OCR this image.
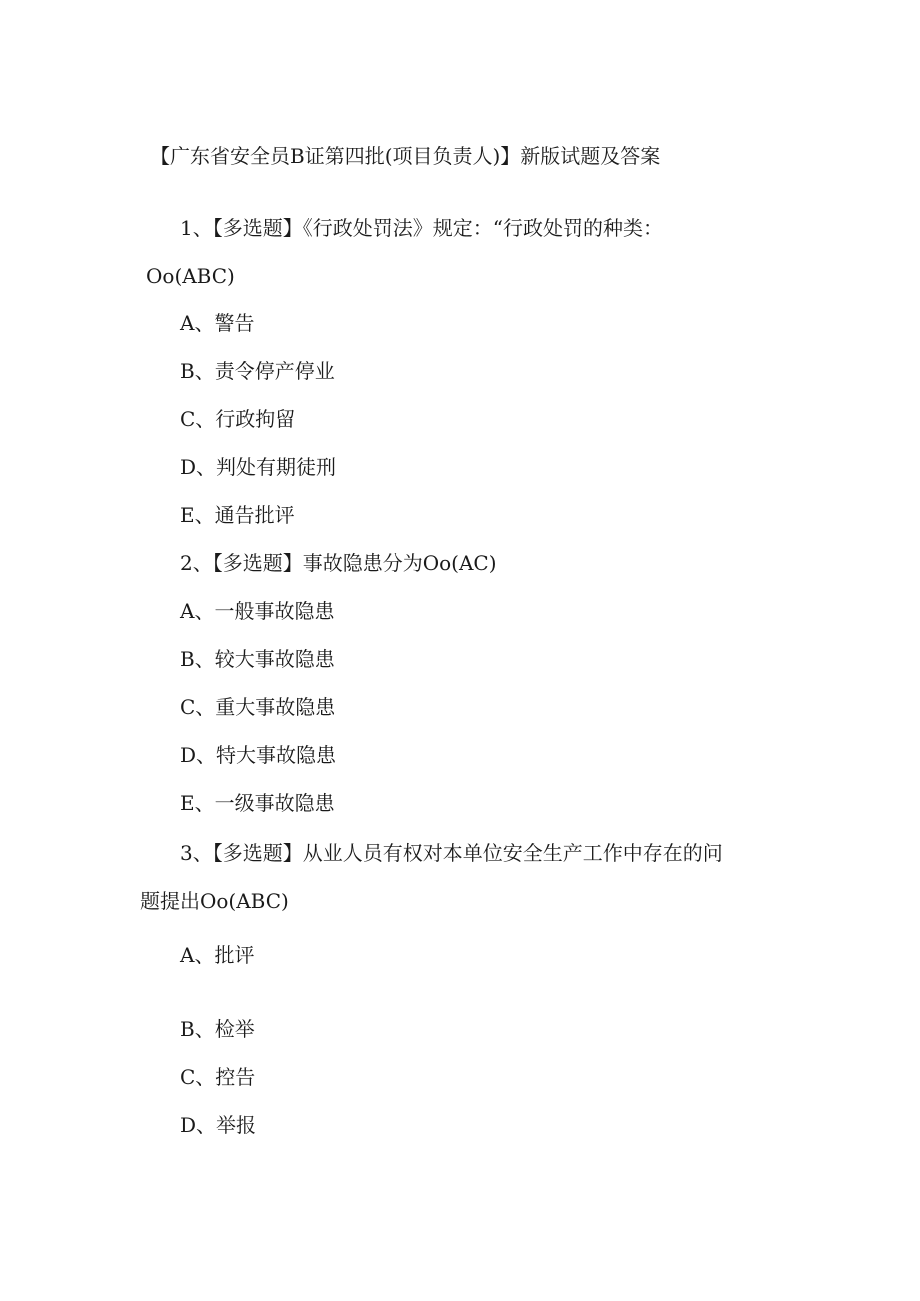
【广东省安全员B证第四批(项目负责人)】新版试题及答案
1、【多选题】《行政处罚法》规定：“行政处罚的种类：
Oo(ABC)
A、警告
B、责令停产停业
C、行政拘留
D、判处有期徒刑
E、通告批评
2、【多选题】事故隐患分为Oo(AC)
A、一般事故隐患
B、较大事故隐患
C、重大事故隐患
D、特大事故隐患
E、一级事故隐患
3、【多选题】从业人员有权对本单位安全生产工作中存在的问
题提出Oo(ABC)
A、批评
B、检举
C、控告
D、举报
